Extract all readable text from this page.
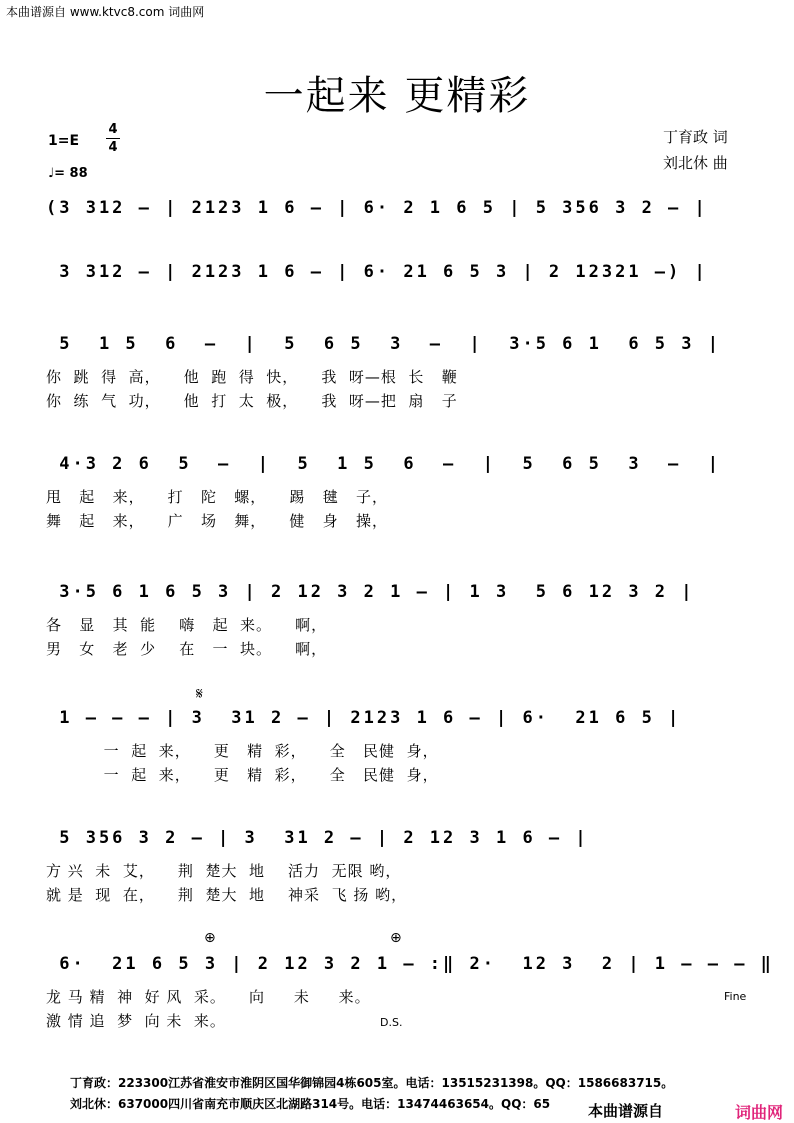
本曲谱源自 www.ktvc8.com 词曲网
一起来 更精彩
1=E
4
4
♩= 88
丁育政 词
刘北休 曲
(3 312 – | 2123 1 6 – | 6· 2 1 6 5 | 5 356 3 2 – |
3 312 – | 2123 1 6 – | 6· 21 6 5 3 | 2 12321 –) |
5  1 5  6  –  |  5  6 5  3  –  |  3·5 6 1  6 5 3 |
你  跳  得  高，    他  跑  得  快，    我  呀—根  长   鞭
你  练  气  功，    他  打  太  极，    我  呀—把  扇   子
4·3 2 6  5  –  |  5  1 5  6  –  |  5  6 5  3  –  |
甩   起   来，    打   陀   螺，    踢   毽   子，
舞   起   来，    广   场   舞，    健   身   操，
3·5 6 1 6 5 3 | 2 12 3 2 1 – | 1 3  5 6 12 3 2 |
各   显   其  能    嗨   起  来。    啊，
男   女   老  少    在   一  块。    啊，
𝄋
1 – – – | 3  31 2 – | 2123 1 6 – | 6·  21 6 5 |
一  起  来，    更   精  彩，    全   民健  身，
一  起  来，    更   精  彩，    全   民健  身，
5 356 3 2 – | 3  31 2 – | 2 12 3 1 6 – |
方 兴  未  艾，    荆  楚大  地    活力  无限 哟，
就 是  现  在，    荆  楚大  地    神采  飞 扬 哟，
⊕	⊕
6·  21 6 5 3 | 2 12 3 2 1 – :‖ 2·  12 3  2 | 1 – – – ‖
龙 马 精  神  好 风  采。    向     未     来。
激 情 追  梦  向 未  来。
Fine
D.S.
丁育政：223300江苏省淮安市淮阴区国华御锦园4栋605室。电话：13515231398。QQ：1586683715。
刘北休：637000四川省南充市顺庆区北湖路314号。电话：13474463654。QQ：65	本曲谱源自	词曲网
